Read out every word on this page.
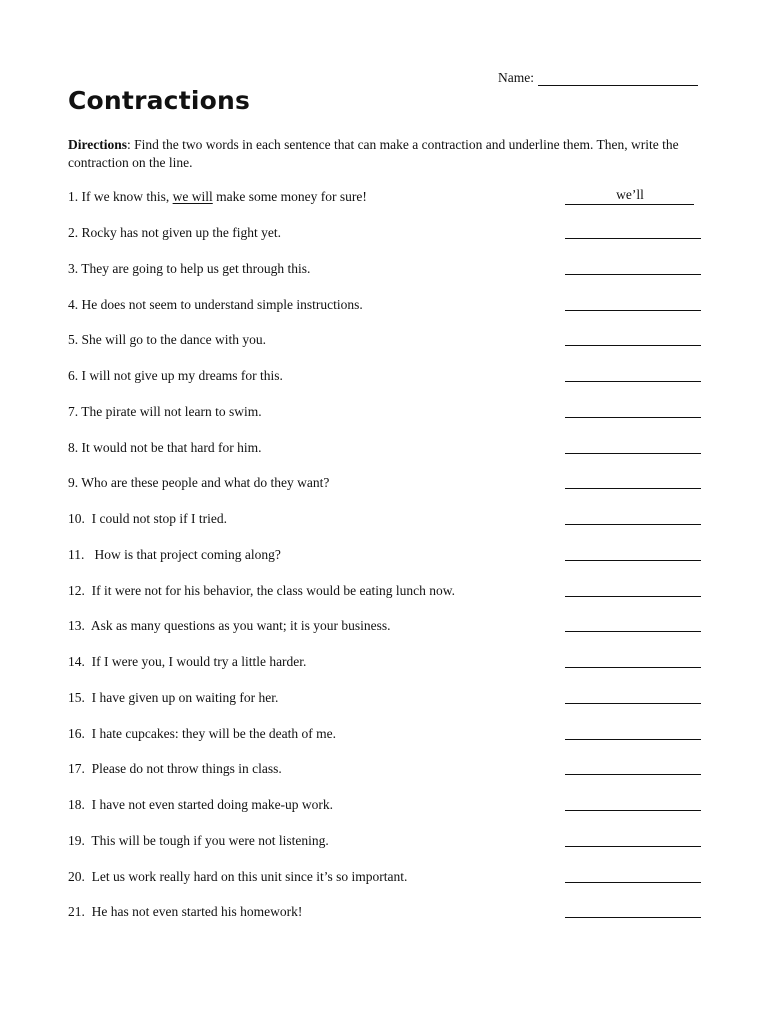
Name:
Contractions
Directions: Find the two words in each sentence that can make a contraction and underline them. Then, write the contraction on the line.
1. If we know this, we will make some money for sure!	we’ll
2. Rocky has not given up the fight yet.
3. They are going to help us get through this.
4. He does not seem to understand simple instructions.
5. She will go to the dance with you.
6. I will not give up my dreams for this.
7. The pirate will not learn to swim.
8. It would not be that hard for him.
9. Who are these people and what do they want?
10.  I could not stop if I tried.
11.   How is that project coming along?
12.  If it were not for his behavior, the class would be eating lunch now.
13.  Ask as many questions as you want; it is your business.
14.  If I were you, I would try a little harder.
15.  I have given up on waiting for her.
16.  I hate cupcakes: they will be the death of me.
17.  Please do not throw things in class.
18.  I have not even started doing make-up work.
19.  This will be tough if you were not listening.
20.  Let us work really hard on this unit since it’s so important.
21.  He has not even started his homework!
